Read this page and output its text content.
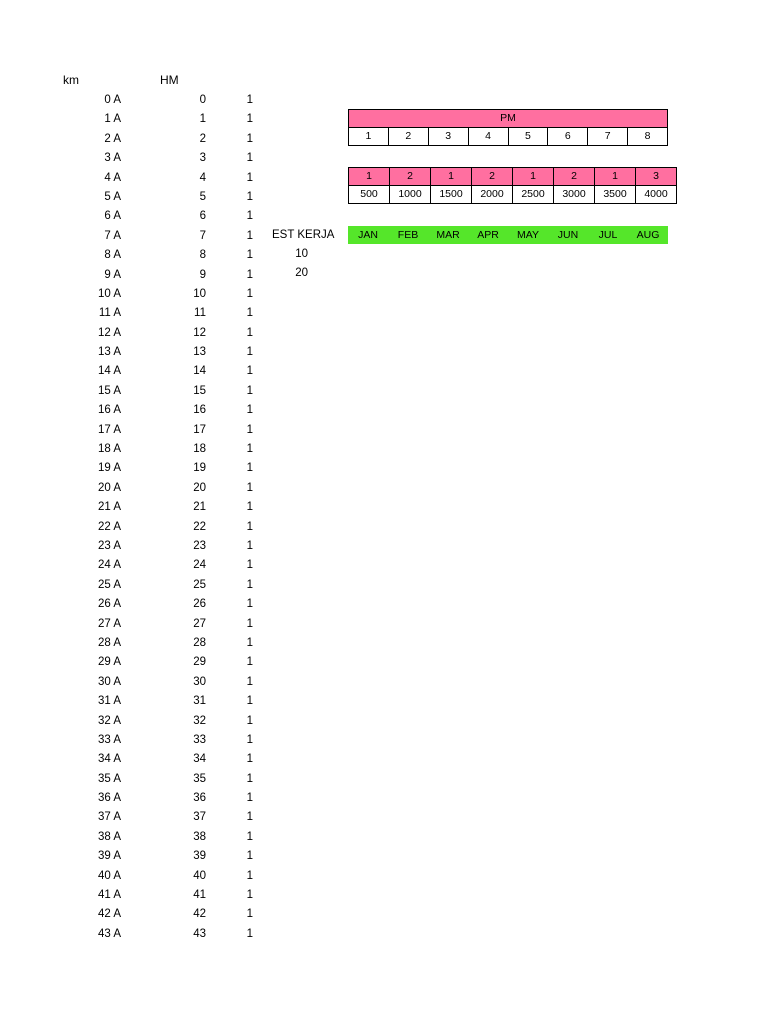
km	HM
0 A	0	1
1 A	1	1
2 A	2	1
3 A	3	1
4 A	4	1
5 A	5	1
6 A	6	1
7 A	7	1
8 A	8	1
9 A	9	1
10 A	10	1
11 A	11	1
12 A	12	1
13 A	13	1
14 A	14	1
15 A	15	1
16 A	16	1
17 A	17	1
18 A	18	1
19 A	19	1
20 A	20	1
21 A	21	1
22 A	22	1
23 A	23	1
24 A	24	1
25 A	25	1
26 A	26	1
27 A	27	1
28 A	28	1
29 A	29	1
30 A	30	1
31 A	31	1
32 A	32	1
33 A	33	1
34 A	34	1
35 A	35	1
36 A	36	1
37 A	37	1
38 A	38	1
39 A	39	1
40 A	40	1
41 A	41	1
42 A	42	1
43 A	43	1
EST KERJA
10
20
PM
1	2	3	4	5	6	7	8
1	2	1	2	1	2	1	3
500	1000	1500	2000	2500	3000	3500	4000
JAN	FEB	MAR	APR	MAY	JUN	JUL	AUG
